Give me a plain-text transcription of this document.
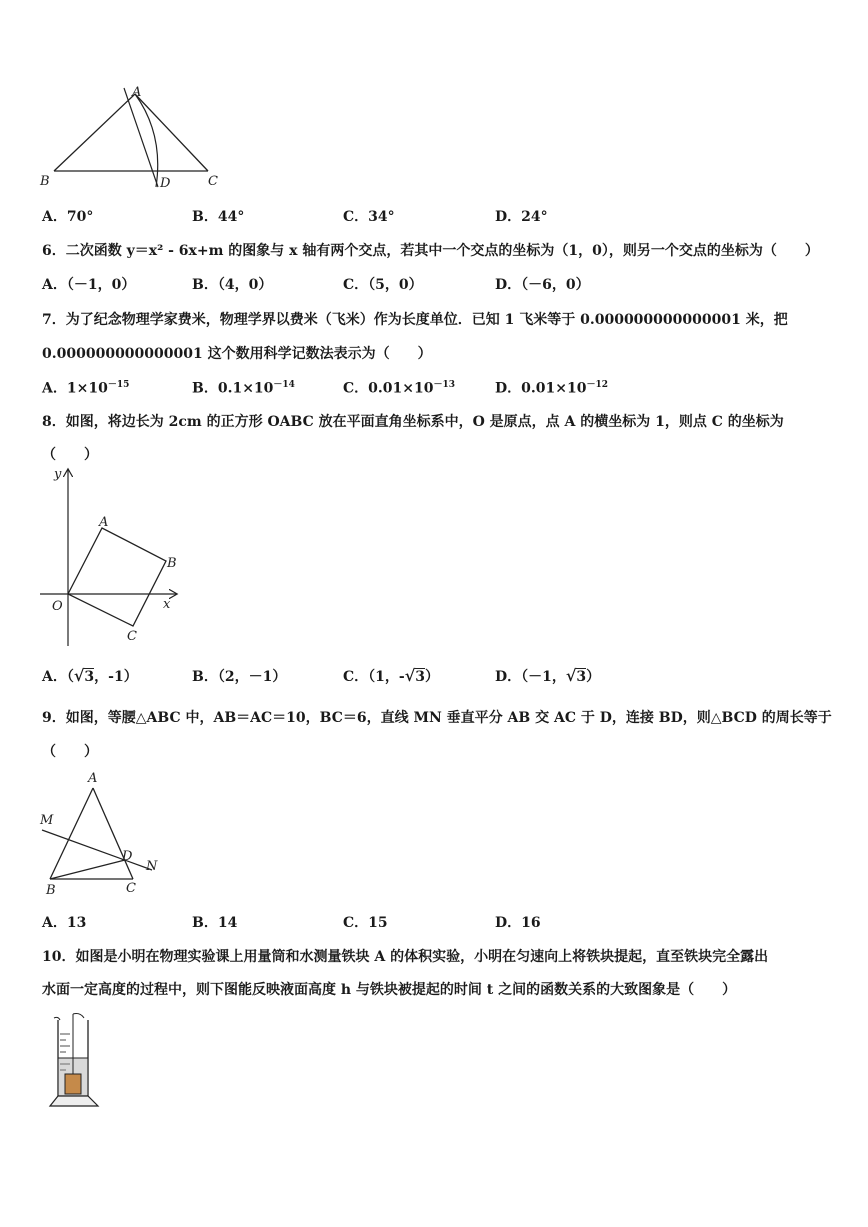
A
B	D	C
A．70°	B．44°	C．34°	D．24°
6．二次函数 y＝x² - 6x+m 的图象与 x 轴有两个交点，若其中一个交点的坐标为（1，0），则另一个交点的坐标为（　　）
A．（－1，0）	B．（4，0）	C．（5，0）	D．（－6，0）
7．为了纪念物理学家费米，物理学界以费米（飞米）作为长度单位．已知 1 飞米等于 0.000000000000001 米，把
0.000000000000001 这个数用科学记数法表示为（　　）
A．$1\times 10^{-15}$	B．$0.1\times 10^{-14}$	C．$0.01\times 10^{-13}$	D．$0.01\times 10^{-12}$
8．如图，将边长为 2cm 的正方形 OABC 放在平面直角坐标系中，O 是原点，点 A 的横坐标为 1，则点 C 的坐标为
（　　）
y
x
O
A
B
C
A．（√3，-1）	B．（2，－1）	C．（1，-√3）	D．（－1，√3）
9．如图，等腰△ABC 中，AB＝AC＝10，BC＝6，直线 MN 垂直平分 AB 交 AC 于 D，连接 BD，则△BCD 的周长等于
（　　）
A
M
D
N
B	C
A．13	B．14	C．15	D．16
10．如图是小明在物理实验课上用量筒和水测量铁块 A 的体积实验，小明在匀速向上将铁块提起，直至铁块完全露出
水面一定高度的过程中，则下图能反映液面高度 h 与铁块被提起的时间 t 之间的函数关系的大致图象是（　　）
